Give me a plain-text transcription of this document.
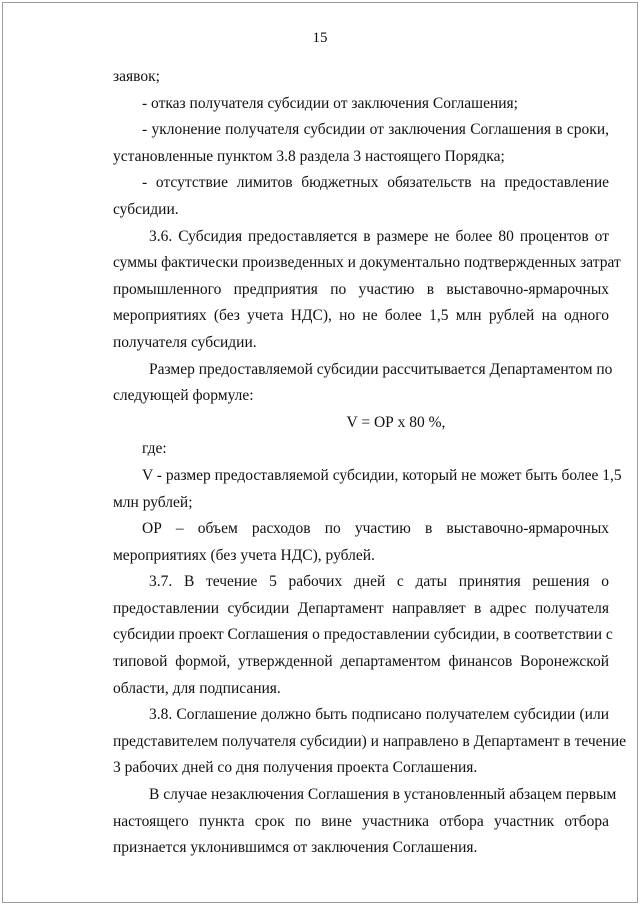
15
заявок;
- отказ получателя субсидии от заключения Соглашения;
- уклонение получателя субсидии от заключения Соглашения в сроки,
установленные пунктом 3.8 раздела 3 настоящего Порядка;
- отсутствие лимитов бюджетных обязательств на предоставление
субсидии.
3.6. Субсидия предоставляется в размере не более 80 процентов от
суммы фактически произведенных и документально подтвержденных затрат
промышленного предприятия по участию в выставочно-ярмарочных
мероприятиях (без учета НДС), но не более 1,5 млн рублей на одного
получателя субсидии.
Размер предоставляемой субсидии рассчитывается Департаментом по
следующей формуле:
V = ОР х 80 %,
где:
V - размер предоставляемой субсидии, который не может быть более 1,5
млн рублей;
ОР – объем расходов по участию в выставочно-ярмарочных
мероприятиях (без учета НДС), рублей.
3.7. В течение 5 рабочих дней с даты принятия решения о
предоставлении субсидии Департамент направляет в адрес получателя
субсидии проект Соглашения о предоставлении субсидии, в соответствии с
типовой формой, утвержденной департаментом финансов Воронежской
области, для подписания.
3.8. Соглашение должно быть подписано получателем субсидии (или
представителем получателя субсидии) и направлено в Департамент в течение
3 рабочих дней со дня получения проекта Соглашения.
В случае незаключения Соглашения в установленный абзацем первым
настоящего пункта срок по вине участника отбора участник отбора
признается уклонившимся от заключения Соглашения.
